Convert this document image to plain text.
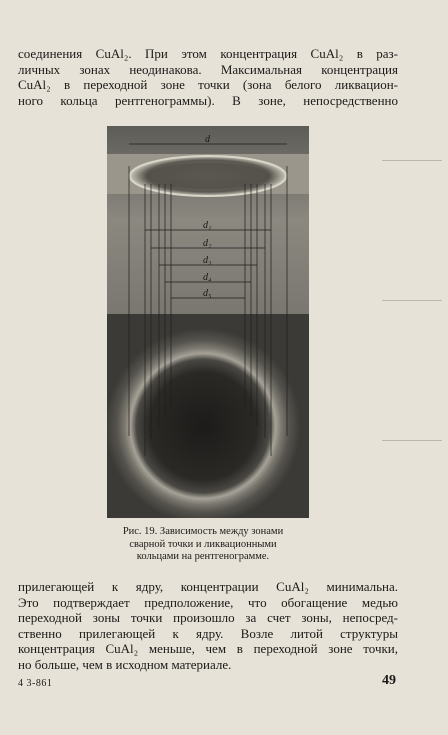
соединения CuAl₂. При этом концентрация CuAl₂ в раз-
личных зонах неодинакова. Максимальная концентрация
CuAl₂ в переходной зоне точки (зона белого ликвацион-
ного кольца рентгенограммы). В зоне, непосредственно

d
d₁
d₂
d₃
d₄
d₅

Рис. 19. Зависимость между зонами
сварной точки и ликвационными
кольцами на рентгенограмме.

прилегающей к ядру, концентрации CuAl₂ минимальна.
Это подтверждает предположение, что обогащение медью
переходной зоны точки произошло за счет зоны, непосред-
ственно прилегающей к ядру. Возле литой структуры
концентрация CuAl₂ меньше, чем в переходной зоне точки,
но больше, чем в исходном материале.

4 3-861	49
